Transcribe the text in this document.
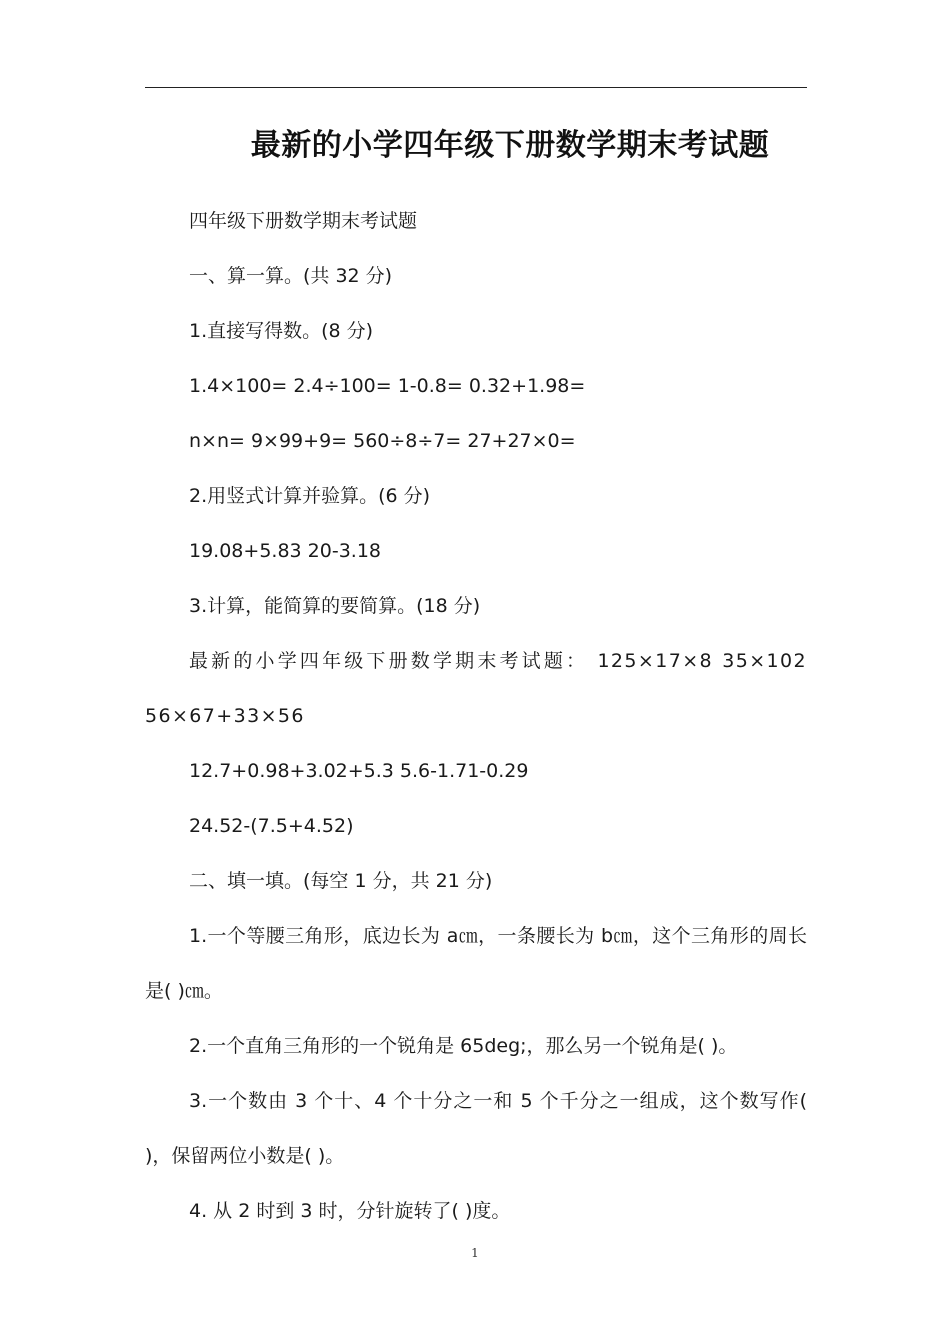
最新的小学四年级下册数学期末考试题

四年级下册数学期末考试题

一、算一算。(共 32 分)

1.直接写得数。(8 分)

1.4×100= 2.4÷100= 1-0.8= 0.32+1.98=

n×n= 9×99+9= 560÷8÷7= 27+27×0=

2.用竖式计算并验算。(6 分)

19.08+5.83 20-3.18

3.计算，能简算的要简算。(18 分)

最新的小学四年级下册数学期末考试题： 125×17×8 35×102 56×67+33×56

12.7+0.98+3.02+5.3 5.6-1.71-0.29

24.52-(7.5+4.52)

二、填一填。(每空 1 分，共 21 分)

1.一个等腰三角形，底边长为 a㎝，一条腰长为 b㎝，这个三角形的周长是( )㎝。

2.一个直角三角形的一个锐角是 65deg;，那么另一个锐角是( )。

3.一个数由 3 个十、4 个十分之一和 5 个千分之一组成，这个数写作( )，保留两位小数是( )。

4. 从 2 时到 3 时，分针旋转了( )度。

1
